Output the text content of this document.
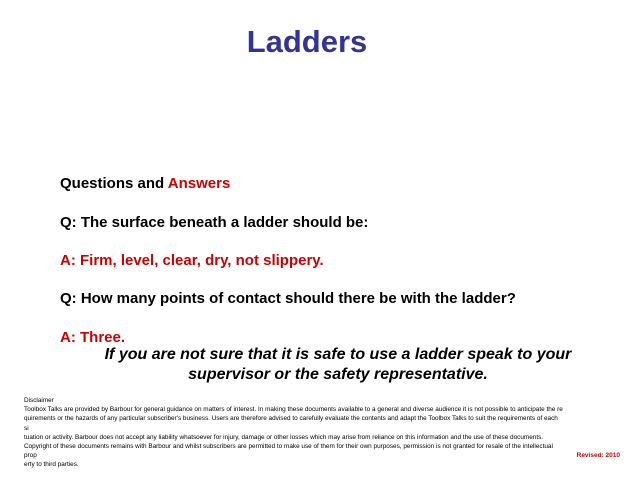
Ladders
Questions and Answers
Q: The surface beneath a ladder should be:
A: Firm, level, clear, dry, not slippery.
Q: How many points of contact should there be with the ladder?
A: Three.
If you are not sure that it is safe to use a ladder speak to your
supervisor or the safety representative.
Disclaimer
Toolbox Talks are provided by Barbour for general guidance on matters of interest. In making these documents available to a general and diverse audience it is not possible to anticipate the re
quirements or the hazards of any particular subscriber's business. Users are therefore advised to carefully evaluate the contents and adapt the Toolbox Talks to suit the requirements of each si
tuation or activity. Barbour does not accept any liability whatsoever for injury, damage or other losses which may arise from reliance on this information and the use of these documents.
Copyright of these documents remains with Barbour and whilst subscribers are permitted to make use of them for their own purposes, permission is not granted for resale of the intellectual prop
erty to third parties.
Revised: 2010
